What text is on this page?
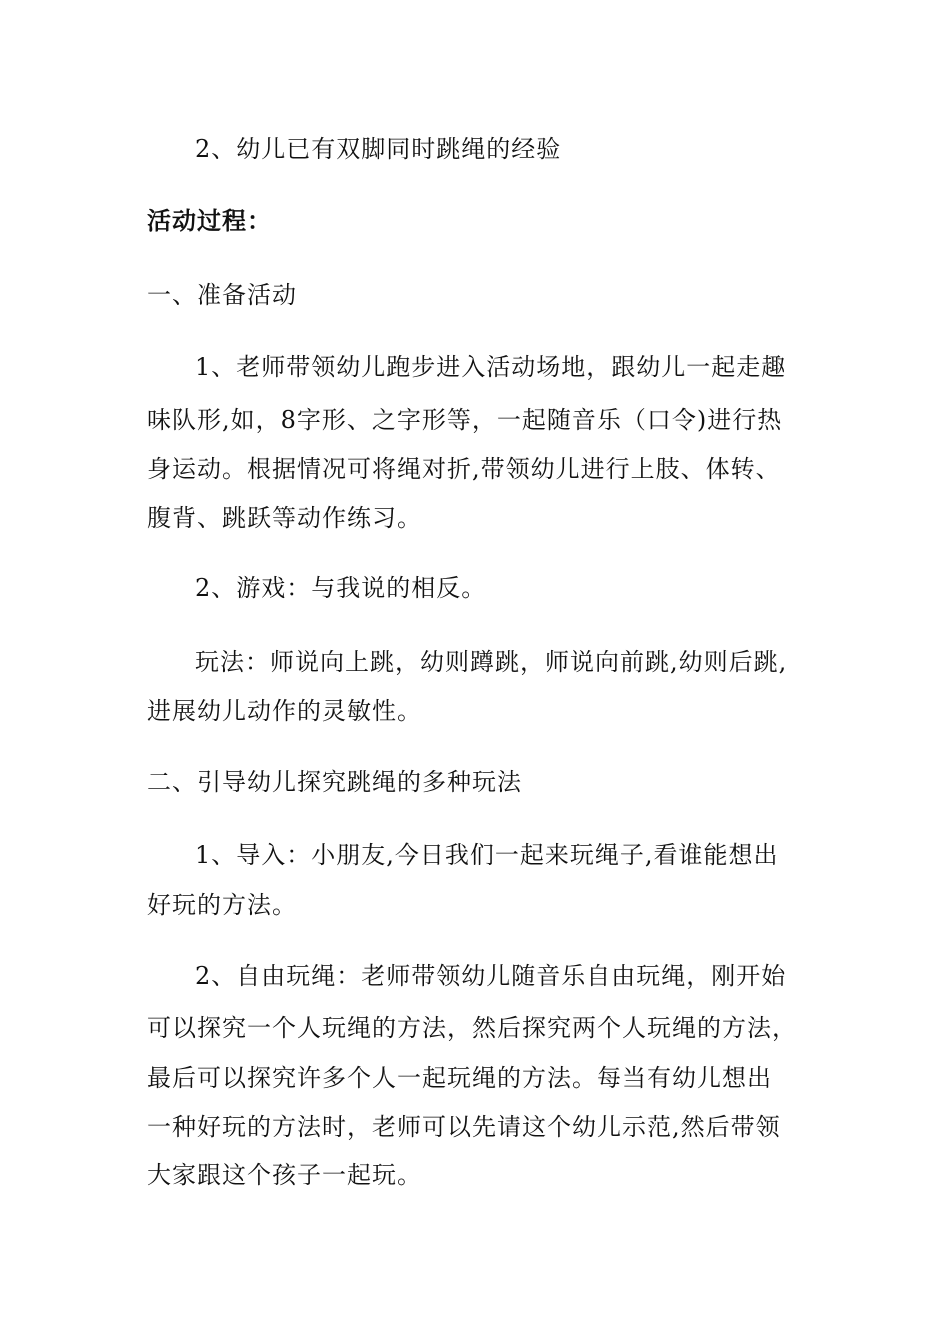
2、幼儿已有双脚同时跳绳的经验
活动过程：
一、准备活动
1、老师带领幼儿跑步进入活动场地，跟幼儿一起走趣
味队形,如，8字形、之字形等，一起随音乐（口令)进行热
身运动。根据情况可将绳对折,带领幼儿进行上肢、体转、
腹背、跳跃等动作练习。
2、游戏：与我说的相反。
玩法：师说向上跳，幼则蹲跳，师说向前跳,幼则后跳,
进展幼儿动作的灵敏性。
二、引导幼儿探究跳绳的多种玩法
1、导入：小朋友,今日我们一起来玩绳子,看谁能想出
好玩的方法。
2、自由玩绳：老师带领幼儿随音乐自由玩绳，刚开始
可以探究一个人玩绳的方法，然后探究两个人玩绳的方法，
最后可以探究许多个人一起玩绳的方法。每当有幼儿想出
一种好玩的方法时，老师可以先请这个幼儿示范,然后带领
大家跟这个孩子一起玩。
